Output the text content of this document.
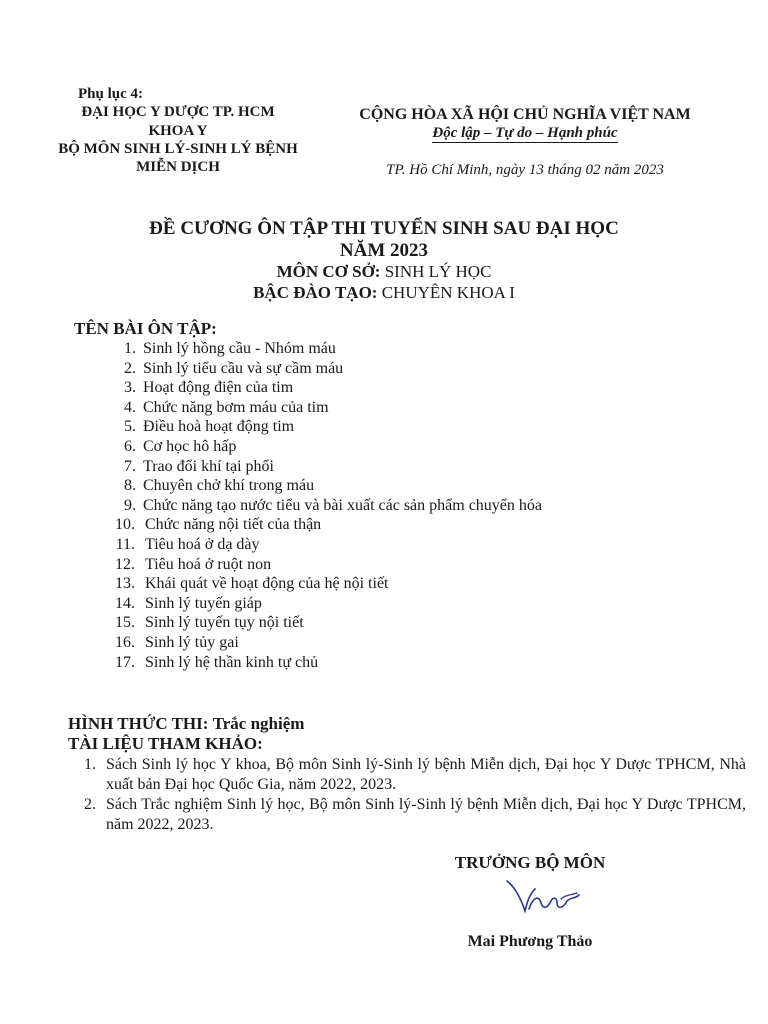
Phụ lục 4:
ĐẠI HỌC Y DƯỢC TP. HCM
KHOA Y
BỘ MÔN SINH LÝ-SINH LÝ BỆNH
MIỄN DỊCH
CỘNG HÒA XÃ HỘI CHỦ NGHĨA VIỆT NAM
Độc lập – Tự do – Hạnh phúc
TP. Hồ Chí Minh, ngày 13 tháng 02 năm 2023
ĐỀ CƯƠNG ÔN TẬP THI TUYỂN SINH SAU ĐẠI HỌC
NĂM 2023
MÔN CƠ SỞ: SINH LÝ HỌC
BẬC ĐÀO TẠO: CHUYÊN KHOA I
TÊN BÀI ÔN TẬP:
1. Sinh lý hồng cầu - Nhóm máu
2. Sinh lý tiểu cầu và sự cầm máu
3. Hoạt động điện của tim
4. Chức năng bơm máu của tim
5. Điều hoà hoạt động tim
6. Cơ học hô hấp
7. Trao đổi khí tại phổi
8. Chuyên chở khí trong máu
9. Chức năng tạo nước tiểu và bài xuất các sản phẩm chuyển hóa
10. Chức năng nội tiết của thận
11. Tiêu hoá ở dạ dày
12. Tiêu hoá ở ruột non
13. Khái quát về hoạt động của hệ nội tiết
14. Sinh lý tuyến giáp
15. Sinh lý tuyến tụy nội tiết
16. Sinh lý tủy gai
17. Sinh lý hệ thần kinh tự chủ
HÌNH THỨC THI: Trắc nghiệm
TÀI LIỆU THAM KHẢO:
1. Sách Sinh lý học Y khoa, Bộ môn Sinh lý-Sinh lý bệnh Miễn dịch, Đại học Y Dược TPHCM, Nhà xuất bản Đại học Quốc Gia, năm 2022, 2023.
2. Sách Trắc nghiệm Sinh lý học, Bộ môn Sinh lý-Sinh lý bệnh Miễn dịch, Đại học Y Dược TPHCM, năm 2022, 2023.
TRƯỞNG BỘ MÔN
Mai Phương Thảo
